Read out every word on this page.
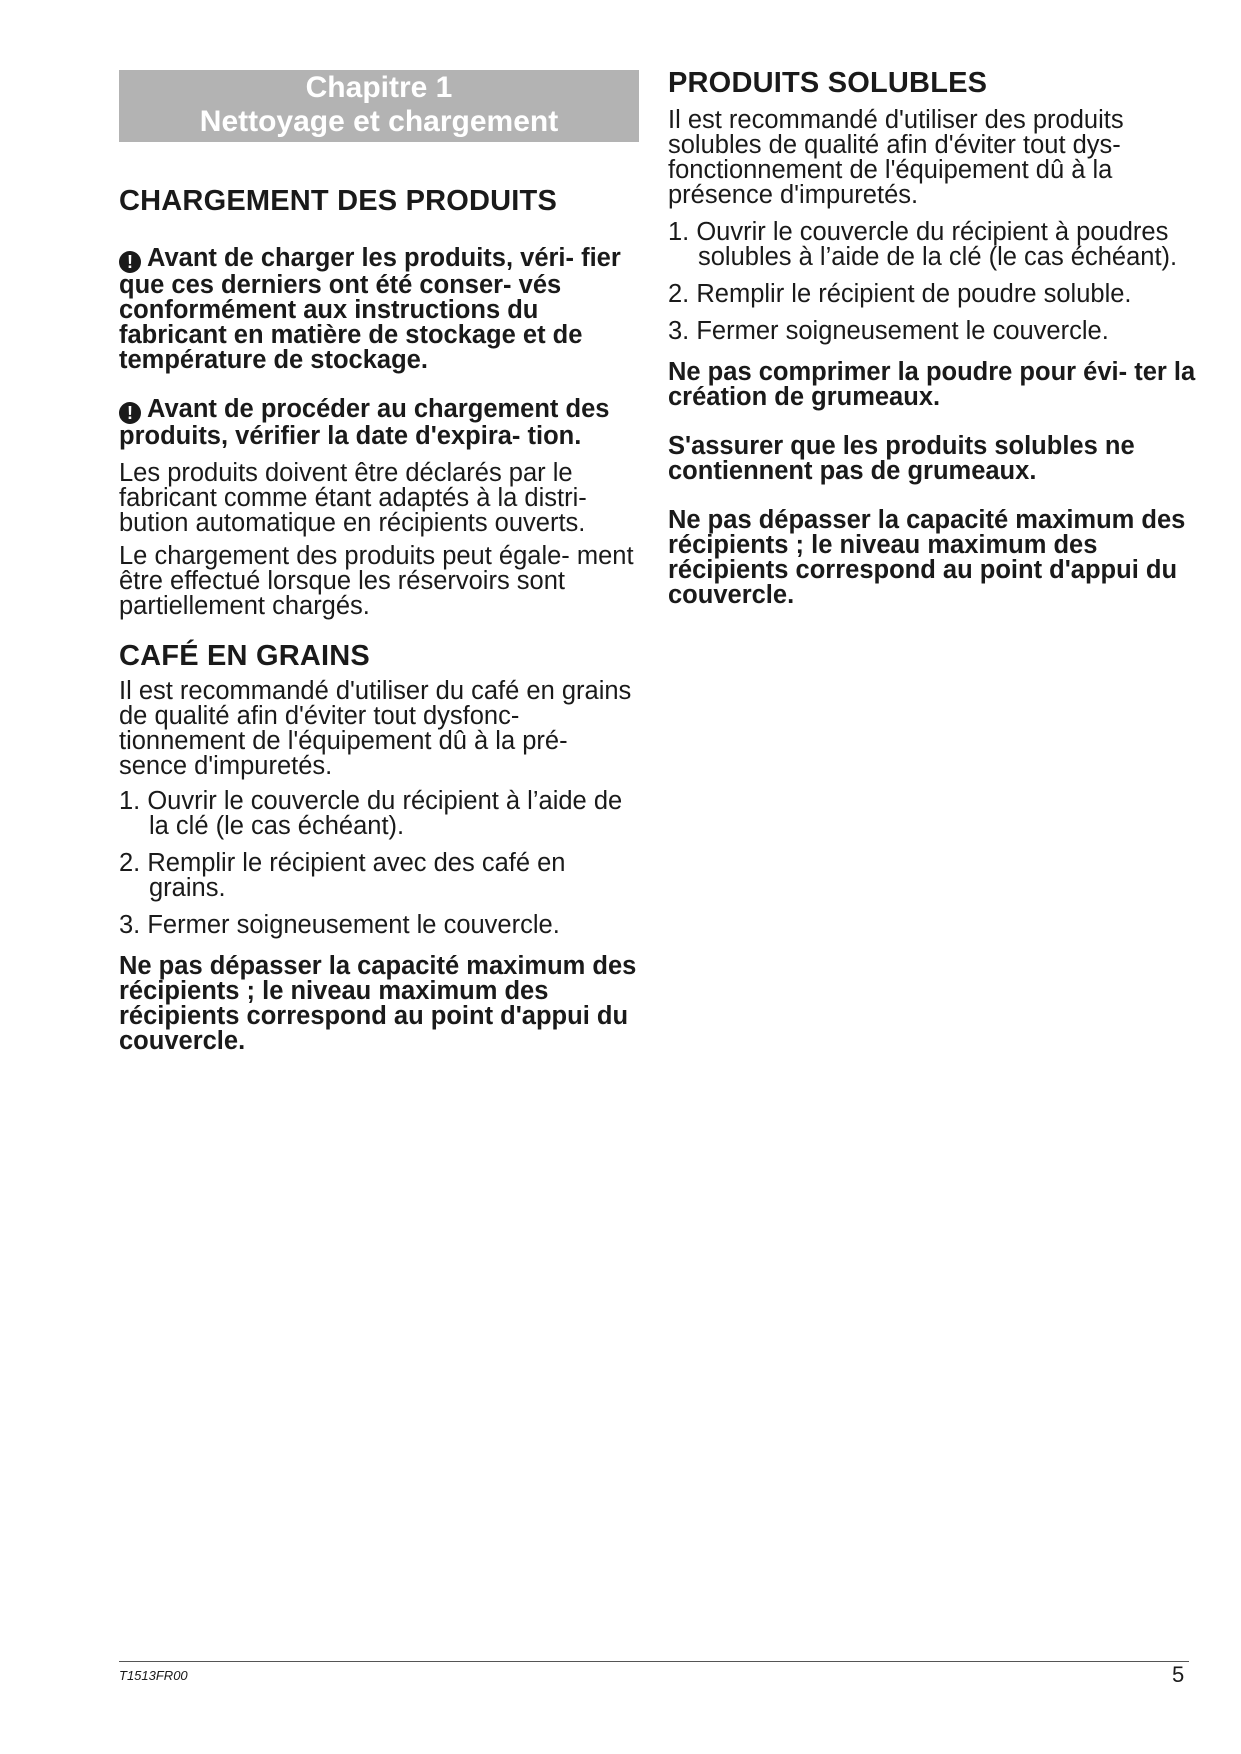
Chapitre 1
Nettoyage et chargement
CHARGEMENT DES PRODUITS

! Avant de charger les produits, véri- fier que ces derniers ont été conser- vés conformément aux instructions du fabricant en matière de stockage et de température de stockage.

! Avant de procéder au chargement des produits, vérifier la date d'expira- tion.

Les produits doivent être déclarés par le fabricant comme étant adaptés à la distri- bution automatique en récipients ouverts.

Le chargement des produits peut égale- ment être effectué lorsque les réservoirs sont partiellement chargés.

CAFÉ EN GRAINS

Il est recommandé d'utiliser du café en grains de qualité afin d'éviter tout dysfonc- tionnement de l'équipement dû à la pré- sence d'impuretés.

1. Ouvrir le couvercle du récipient à l’aide de la clé (le cas échéant).
2. Remplir le récipient avec des café en grains.
3. Fermer soigneusement le couvercle.

Ne pas dépasser la capacité maximum des récipients ; le niveau maximum des récipients correspond au point d'appui du couvercle.

PRODUITS SOLUBLES

Il est recommandé d'utiliser des produits solubles de qualité afin d'éviter tout dys- fonctionnement de l'équipement dû à la présence d'impuretés.

1. Ouvrir le couvercle du récipient à poudres solubles à l’aide de la clé (le cas échéant).
2. Remplir le récipient de poudre soluble.
3. Fermer soigneusement le couvercle.

Ne pas comprimer la poudre pour évi- ter la création de grumeaux.

S'assurer que les produits solubles ne contiennent pas de grumeaux.

Ne pas dépasser la capacité maximum des récipients ; le niveau maximum des récipients correspond au point d'appui du couvercle.

T1513FR00	5
